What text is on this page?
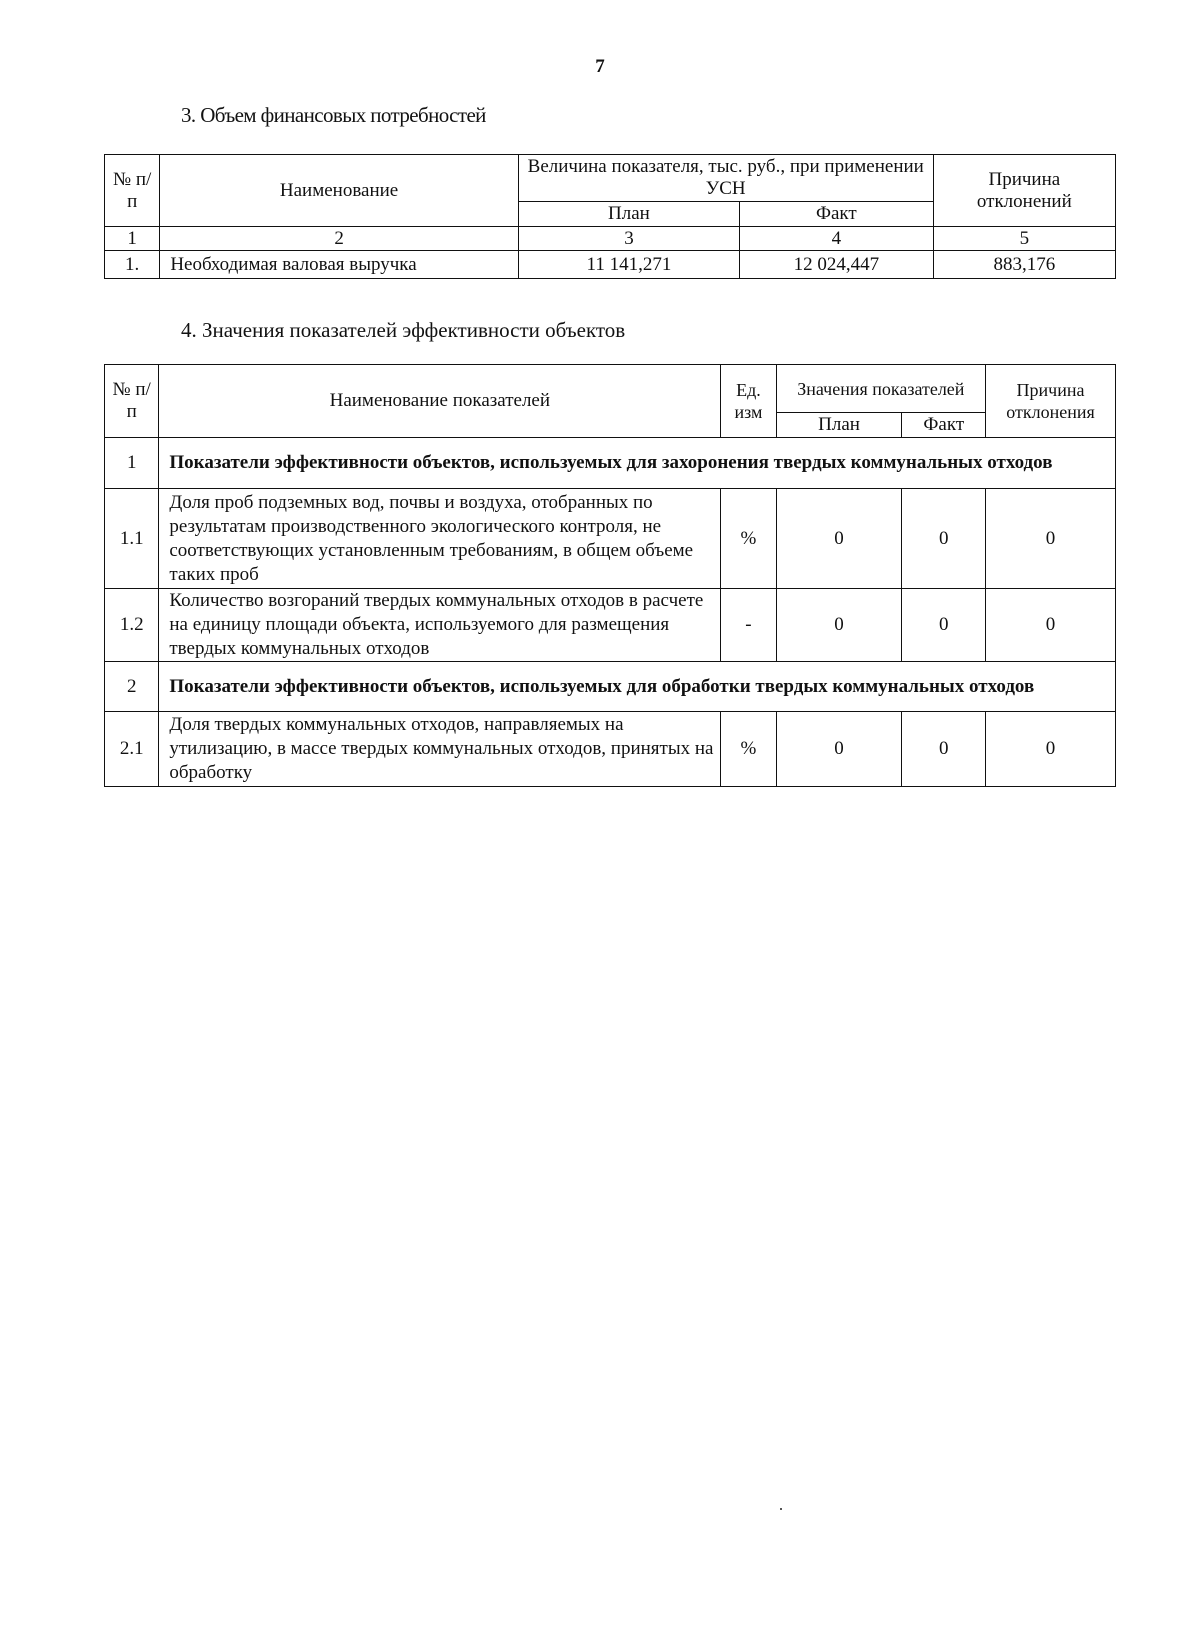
7
3. Объем финансовых потребностей
№ п/п	Наименование	Величина показателя, тыс. руб., при применении УСН		Причина отклонений
		План	Факт	
1	2	3	4	5
1.	Необходимая валовая выручка	11 141,271	12 024,447	883,176
4. Значения показателей эффективности объектов
№ п/п	Наименование показателей	Ед. изм	Значения показателей		Причина отклонения
			План	Факт	
1	Показатели эффективности объектов, используемых для захоронения твердых коммунальных отходов				
1.1	Доля проб подземных вод, почвы и воздуха, отобранных по результатам производственного экологического контроля, не соответствующих установленным требованиям, в общем объеме таких проб	%	0	0	0
1.2	Количество возгораний твердых коммунальных отходов в расчете на единицу площади объекта, используемого для размещения твердых коммунальных отходов	-	0	0	0
2	Показатели эффективности объектов, используемых для обработки твердых коммунальных отходов				
2.1	Доля твердых коммунальных отходов, направляемых на утилизацию, в массе твердых коммунальных отходов, принятых на обработку	%	0	0	0
